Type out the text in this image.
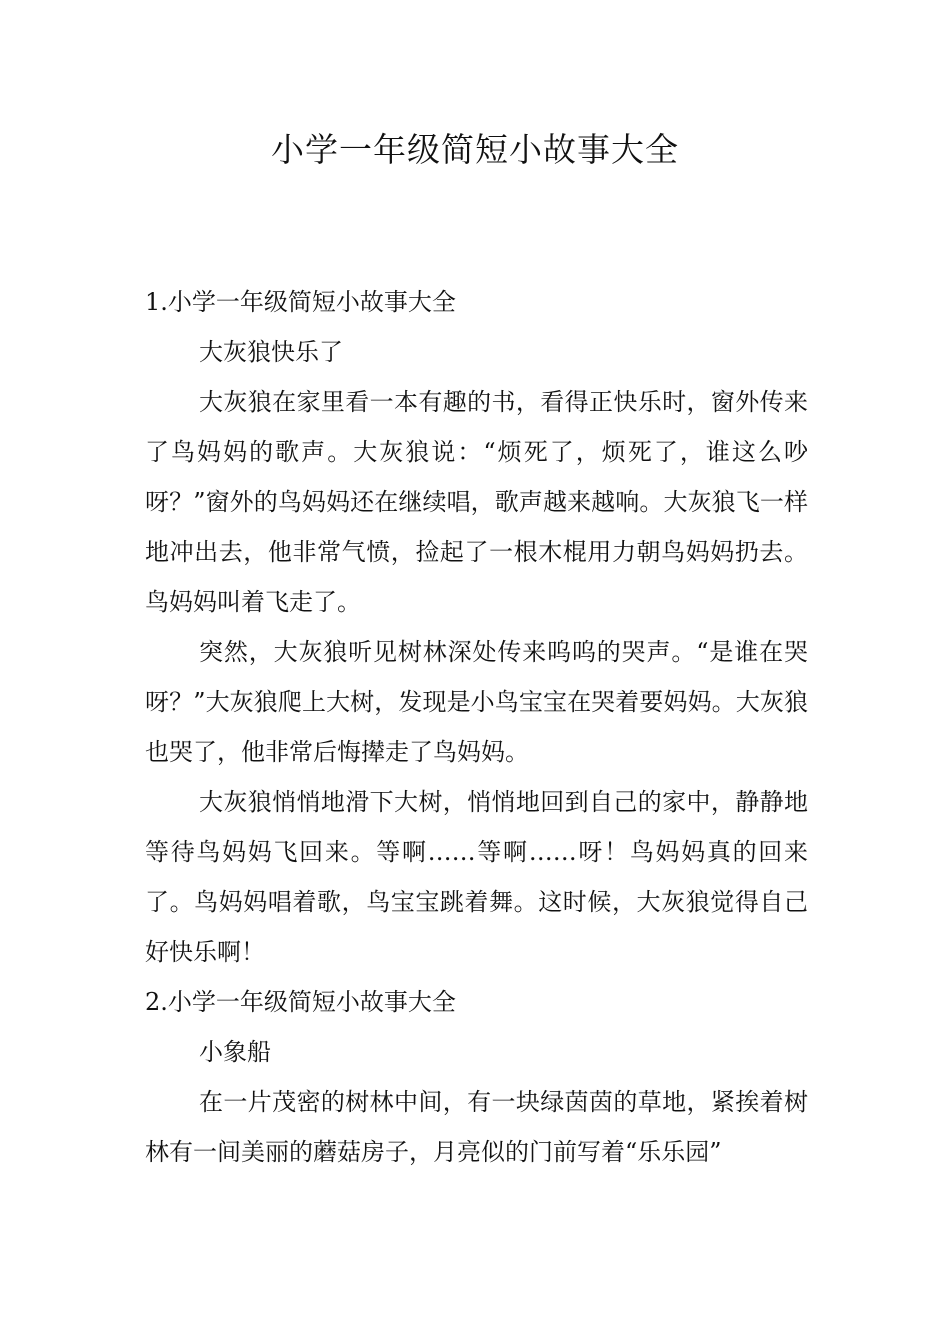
小学一年级简短小故事大全

1.小学一年级简短小故事大全

大灰狼快乐了

大灰狼在家里看一本有趣的书，看得正快乐时，窗外传来了鸟妈妈的歌声。大灰狼说：“烦死了，烦死了，谁这么吵呀？”窗外的鸟妈妈还在继续唱，歌声越来越响。大灰狼飞一样地冲出去，他非常气愤，捡起了一根木棍用力朝鸟妈妈扔去。鸟妈妈叫着飞走了。

突然，大灰狼听见树林深处传来呜呜的哭声。“是谁在哭呀？”大灰狼爬上大树，发现是小鸟宝宝在哭着要妈妈。大灰狼也哭了，他非常后悔撵走了鸟妈妈。

大灰狼悄悄地滑下大树，悄悄地回到自己的家中，静静地等待鸟妈妈飞回来。等啊……等啊……呀！鸟妈妈真的回来了。鸟妈妈唱着歌，鸟宝宝跳着舞。这时候，大灰狼觉得自己好快乐啊！

2.小学一年级简短小故事大全

小象船

在一片茂密的树林中间，有一块绿茵茵的草地，紧挨着树林有一间美丽的蘑菇房子，月亮似的门前写着“乐乐园”
